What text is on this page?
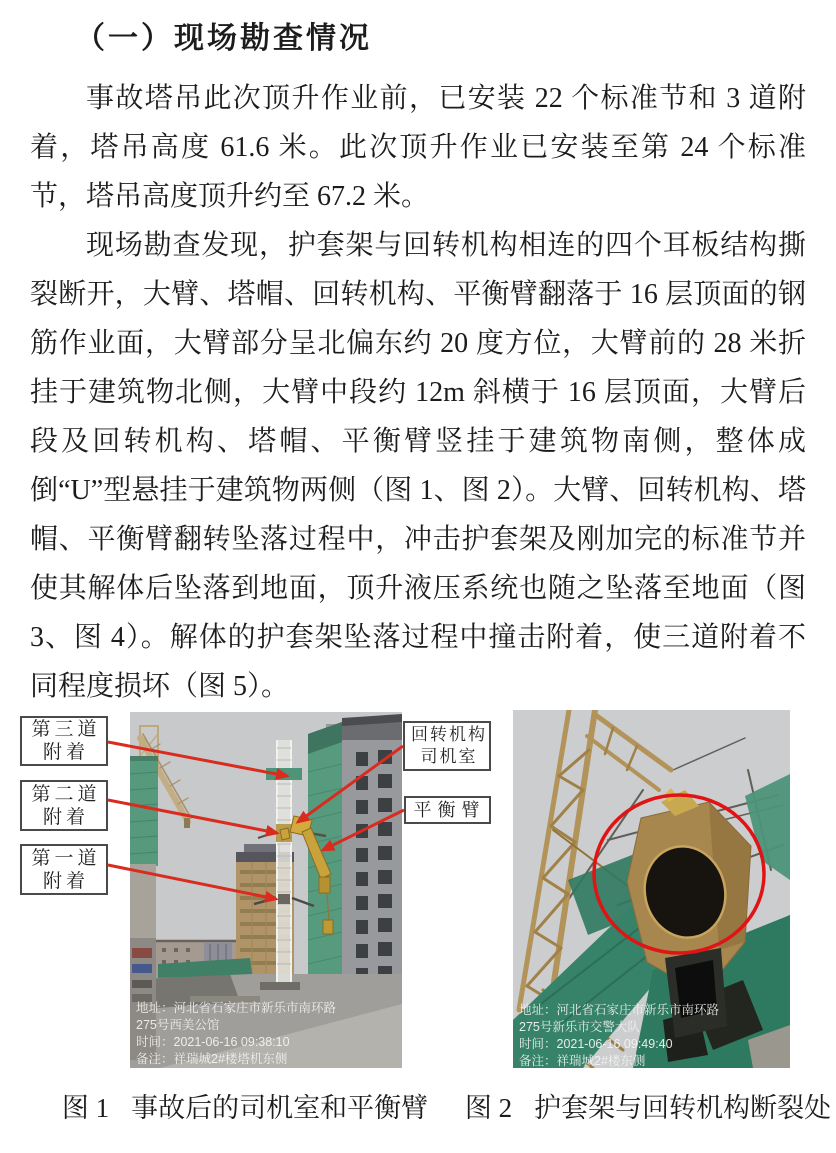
（一）现场勘查情况

事故塔吊此次顶升作业前，已安装 22 个标准节和 3 道附着，塔吊高度 61.6 米。此次顶升作业已安装至第 24 个标准节，塔吊高度顶升约至 67.2 米。

现场勘查发现，护套架与回转机构相连的四个耳板结构撕裂断开，大臂、塔帽、回转机构、平衡臂翻落于 16 层顶面的钢筋作业面，大臂部分呈北偏东约 20 度方位，大臂前的 28 米折挂于建筑物北侧，大臂中段约 12m 斜横于 16 层顶面，大臂后段及回转机构、塔帽、平衡臂竖挂于建筑物南侧，整体成倒“U”型悬挂于建筑物两侧（图 1、图 2）。大臂、回转机构、塔帽、平衡臂翻转坠落过程中，冲击护套架及刚加完的标准节并使其解体后坠落到地面，顶升液压系统也随之坠落至地面（图 3、图 4）。解体的护套架坠落过程中撞击附着，使三道附着不同程度损坏（图 5）。

地址：河北省石家庄市新乐市南环路
275号西美公馆
时间：2021-06-16 09:38:10
备注：祥瑞城2#楼塔机东侧
地址：河北省石家庄市新乐市南环路
275号新乐市交警大队
时间：2021-06-16 09:49:40
备注：祥瑞城2#楼东侧
第三道
附着
第二道
附着
第一道
附着
回转机构
司机室
平衡臂
图 1 事故后的司机室和平衡臂	图 2 护套架与回转机构断裂处
